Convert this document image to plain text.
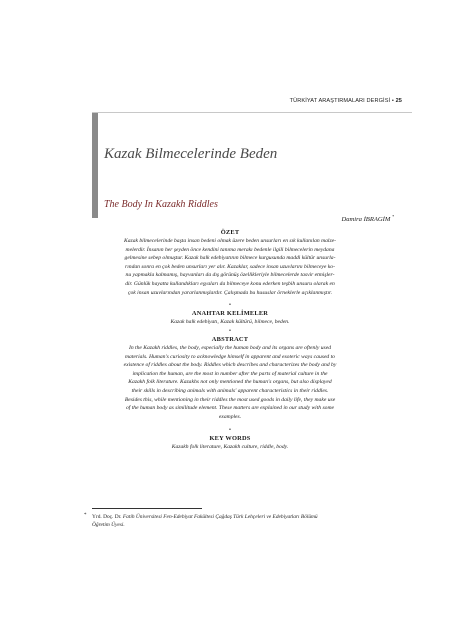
TÜRKİYAT ARAŞTIRMALARI DERGİSİ • 25
Kazak Bilmecelerinde Beden
The Body In Kazakh Riddles
Damira İBRAGİM *

ÖZET

Kazak bilmecelerinde başta insan bedeni olmak üzere beden unsurları en sık kullanılan malze-
melerdir. İnsanın her şeyden önce kendini tanıma merakı bedenle ilgili bilmecelerin meydana
gelmesine sebep olmuştur. Kazak halk edebiyatının bilmece kurgusunda maddi kültür unsurla-
rından sonra en çok beden unsurları yer alır. Kazaklar, sadece insan uzuvlarını bilmeceye ko-
nu yapmakla kalmamış, hayvanları da dış görünüş özellikleriyle bilmecelerde tasvir etmişler-
dir. Günlük hayatta kullandıkları eşyaları da bilmeceye konu ederken teşbih unsuru olarak en
çok insan uzuvlarından yararlanmışlardır. Çalışmada bu hususlar örneklerle açıklanmıştır.

•

ANAHTAR KELİMELER

Kazak halk edebiyatı, Kazak kültürü, bilmece, beden.

•

ABSTRACT

In the Kazakh riddles, the body, especially the human body and its organs are oftenly used
materials. Human's curiosity to acknowledge himself in apparent and esoteric ways caused to
existence of riddles about the body. Riddles which describes and characterizes the body and by
implication the human, are the most in number after the parts of material culture in the
Kazakh folk literature. Kazakhs not only mentioned the human's organs, but also displayed
their skills in describing animals with animals' apparent characteristics in their riddles.
Besides this, while mentioning in their riddles the most used goods in daily life, they make use
of the human body as similitude element. These matters are explained in our study with some
examples.

•

KEY WORDS

Kazakh folk literature, Kazakh culture, riddle, body.

* Yrd. Doç. Dr. Fatih Üniversitesi Fen-Edebiyat Fakültesi Çağdaş Türk Lehçeleri ve Edebiyatları Bölümü
Öğretim Üyesi.
